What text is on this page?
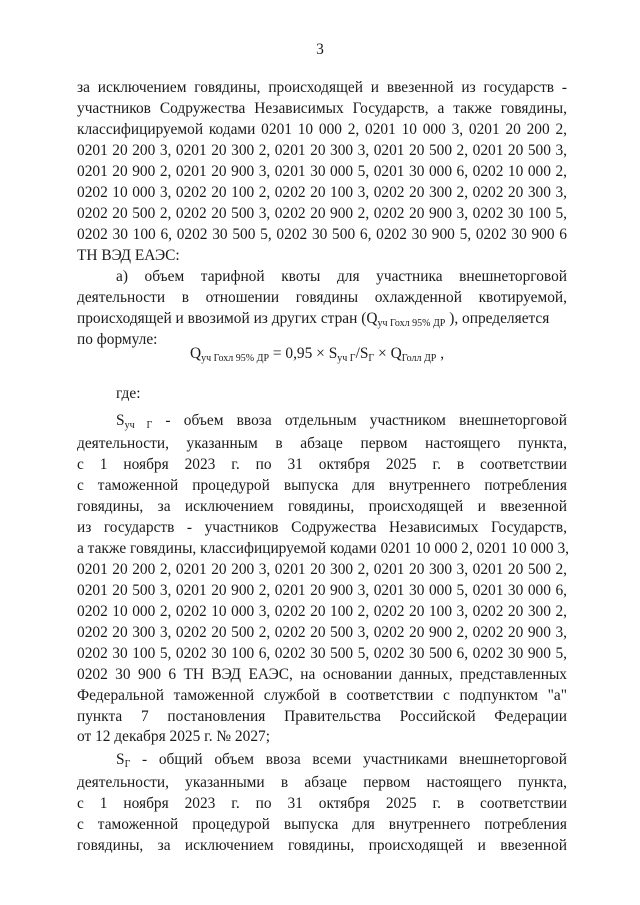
3
за исключением говядины, происходящей и ввезенной из государств -
участников Содружества Независимых Государств, а также говядины,
классифицируемой кодами 0201 10 000 2, 0201 10 000 3, 0201 20 200 2,
0201 20 200 3, 0201 20 300 2, 0201 20 300 3, 0201 20 500 2, 0201 20 500 3,
0201 20 900 2, 0201 20 900 3, 0201 30 000 5, 0201 30 000 6, 0202 10 000 2,
0202 10 000 3, 0202 20 100 2, 0202 20 100 3, 0202 20 300 2, 0202 20 300 3,
0202 20 500 2, 0202 20 500 3, 0202 20 900 2, 0202 20 900 3, 0202 30 100 5,
0202 30 100 6, 0202 30 500 5, 0202 30 500 6, 0202 30 900 5, 0202 30 900 6
ТН ВЭД ЕАЭС:
а) объем тарифной квоты для участника внешнеторговой
деятельности в отношении говядины охлажденной квотируемой,
происходящей и ввозимой из других стран ($Q_{уч Гохл 95\% ДР}$ ), определяется
по формуле:
$Q_{уч Гохл 95\% ДР} = 0,95 \times S_{уч Г}/S_Г \times Q_{Голл ДР}$ ,
где:
$S_{уч Г}$ - объем ввоза отдельным участником внешнеторговой
деятельности, указанным в абзаце первом настоящего пункта,
с 1 ноября 2023 г. по 31 октября 2025 г. в соответствии
с таможенной процедурой выпуска для внутреннего потребления
говядины, за исключением говядины, происходящей и ввезенной
из государств - участников Содружества Независимых Государств,
а также говядины, классифицируемой кодами 0201 10 000 2, 0201 10 000 3,
0201 20 200 2, 0201 20 200 3, 0201 20 300 2, 0201 20 300 3, 0201 20 500 2,
0201 20 500 3, 0201 20 900 2, 0201 20 900 3, 0201 30 000 5, 0201 30 000 6,
0202 10 000 2, 0202 10 000 3, 0202 20 100 2, 0202 20 100 3, 0202 20 300 2,
0202 20 300 3, 0202 20 500 2, 0202 20 500 3, 0202 20 900 2, 0202 20 900 3,
0202 30 100 5, 0202 30 100 6, 0202 30 500 5, 0202 30 500 6, 0202 30 900 5,
0202 30 900 6 ТН ВЭД ЕАЭС, на основании данных, представленных
Федеральной таможенной службой в соответствии с подпунктом "а"
пункта 7 постановления Правительства Российской Федерации
от 12 декабря 2025 г. № 2027;
$S_Г$ - общий объем ввоза всеми участниками внешнеторговой
деятельности, указанными в абзаце первом настоящего пункта,
с 1 ноября 2023 г. по 31 октября 2025 г. в соответствии
с таможенной процедурой выпуска для внутреннего потребления
говядины, за исключением говядины, происходящей и ввезенной
